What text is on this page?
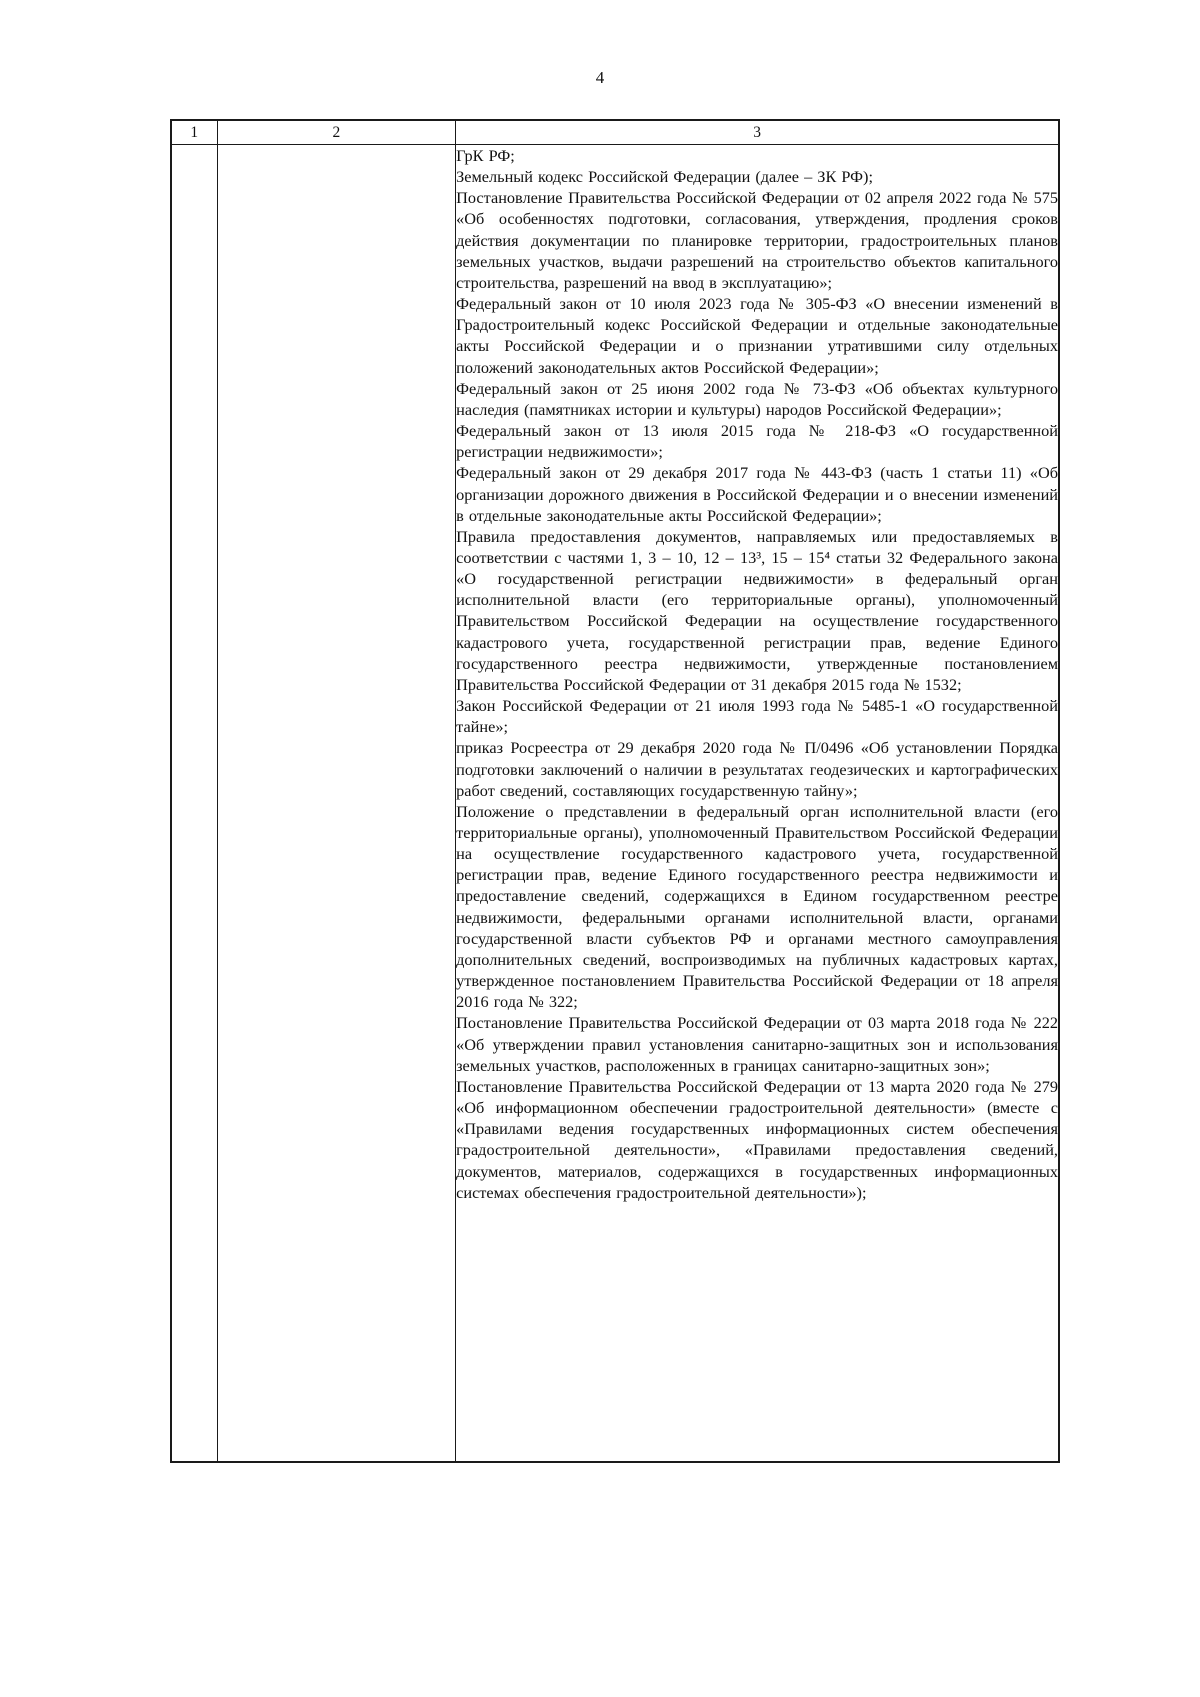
4
1	2	3

ГрК РФ;

Земельный кодекс Российской Федерации (далее – ЗК РФ);

Постановление Правительства Российской Федерации от 02 апреля 2022 года № 575 «Об особенностях подготовки, согласования, утверждения, продления сроков действия документации по планировке территории, градостроительных планов земельных участков, выдачи разрешений на строительство объектов капитального строительства, разрешений на ввод в эксплуатацию»;

Федеральный закон от 10 июля 2023 года № 305-ФЗ «О внесении изменений в Градостроительный кодекс Российской Федерации и отдельные законодательные акты Российской Федерации и о признании утратившими силу отдельных положений законодательных актов Российской Федерации»;

Федеральный закон от 25 июня 2002 года № 73-ФЗ «Об объектах культурного наследия (памятниках истории и культуры) народов Российской Федерации»;

Федеральный закон от 13 июля 2015 года № 218-ФЗ «О государственной регистрации недвижимости»;

Федеральный закон от 29 декабря 2017 года № 443-ФЗ (часть 1 статьи 11) «Об организации дорожного движения в Российской Федерации и о внесении изменений в отдельные законодательные акты Российской Федерации»;

Правила предоставления документов, направляемых или предоставляемых в соответствии с частями 1, 3 – 10, 12 – 13³, 15 – 15⁴ статьи 32 Федерального закона «О государственной регистрации недвижимости» в федеральный орган исполнительной власти (его территориальные органы), уполномоченный Правительством Российской Федерации на осуществление государственного кадастрового учета, государственной регистрации прав, ведение Единого государственного реестра недвижимости, утвержденные постановлением Правительства Российской Федерации от 31 декабря 2015 года № 1532;

Закон Российской Федерации от 21 июля 1993 года № 5485-1 «О государственной тайне»;

приказ Росреестра от 29 декабря 2020 года № П/0496 «Об установлении Порядка подготовки заключений о наличии в результатах геодезических и картографических работ сведений, составляющих государственную тайну»;

Положение о представлении в федеральный орган исполнительной власти (его территориальные органы), уполномоченный Правительством Российской Федерации на осуществление государственного кадастрового учета, государственной регистрации прав, ведение Единого государственного реестра недвижимости и предоставление сведений, содержащихся в Едином государственном реестре недвижимости, федеральными органами исполнительной власти, органами государственной власти субъектов РФ и органами местного самоуправления дополнительных сведений, воспроизводимых на публичных кадастровых картах, утвержденное постановлением Правительства Российской Федерации от 18 апреля 2016 года № 322;

Постановление Правительства Российской Федерации от 03 марта 2018 года № 222 «Об утверждении правил установления санитарно-защитных зон и использования земельных участков, расположенных в границах санитарно-защитных зон»;

Постановление Правительства Российской Федерации от 13 марта 2020 года № 279 «Об информационном обеспечении градостроительной деятельности» (вместе с «Правилами ведения государственных информационных систем обеспечения градостроительной деятельности», «Правилами предоставления сведений, документов, материалов, содержащихся в государственных информационных системах обеспечения градостроительной деятельности»);
